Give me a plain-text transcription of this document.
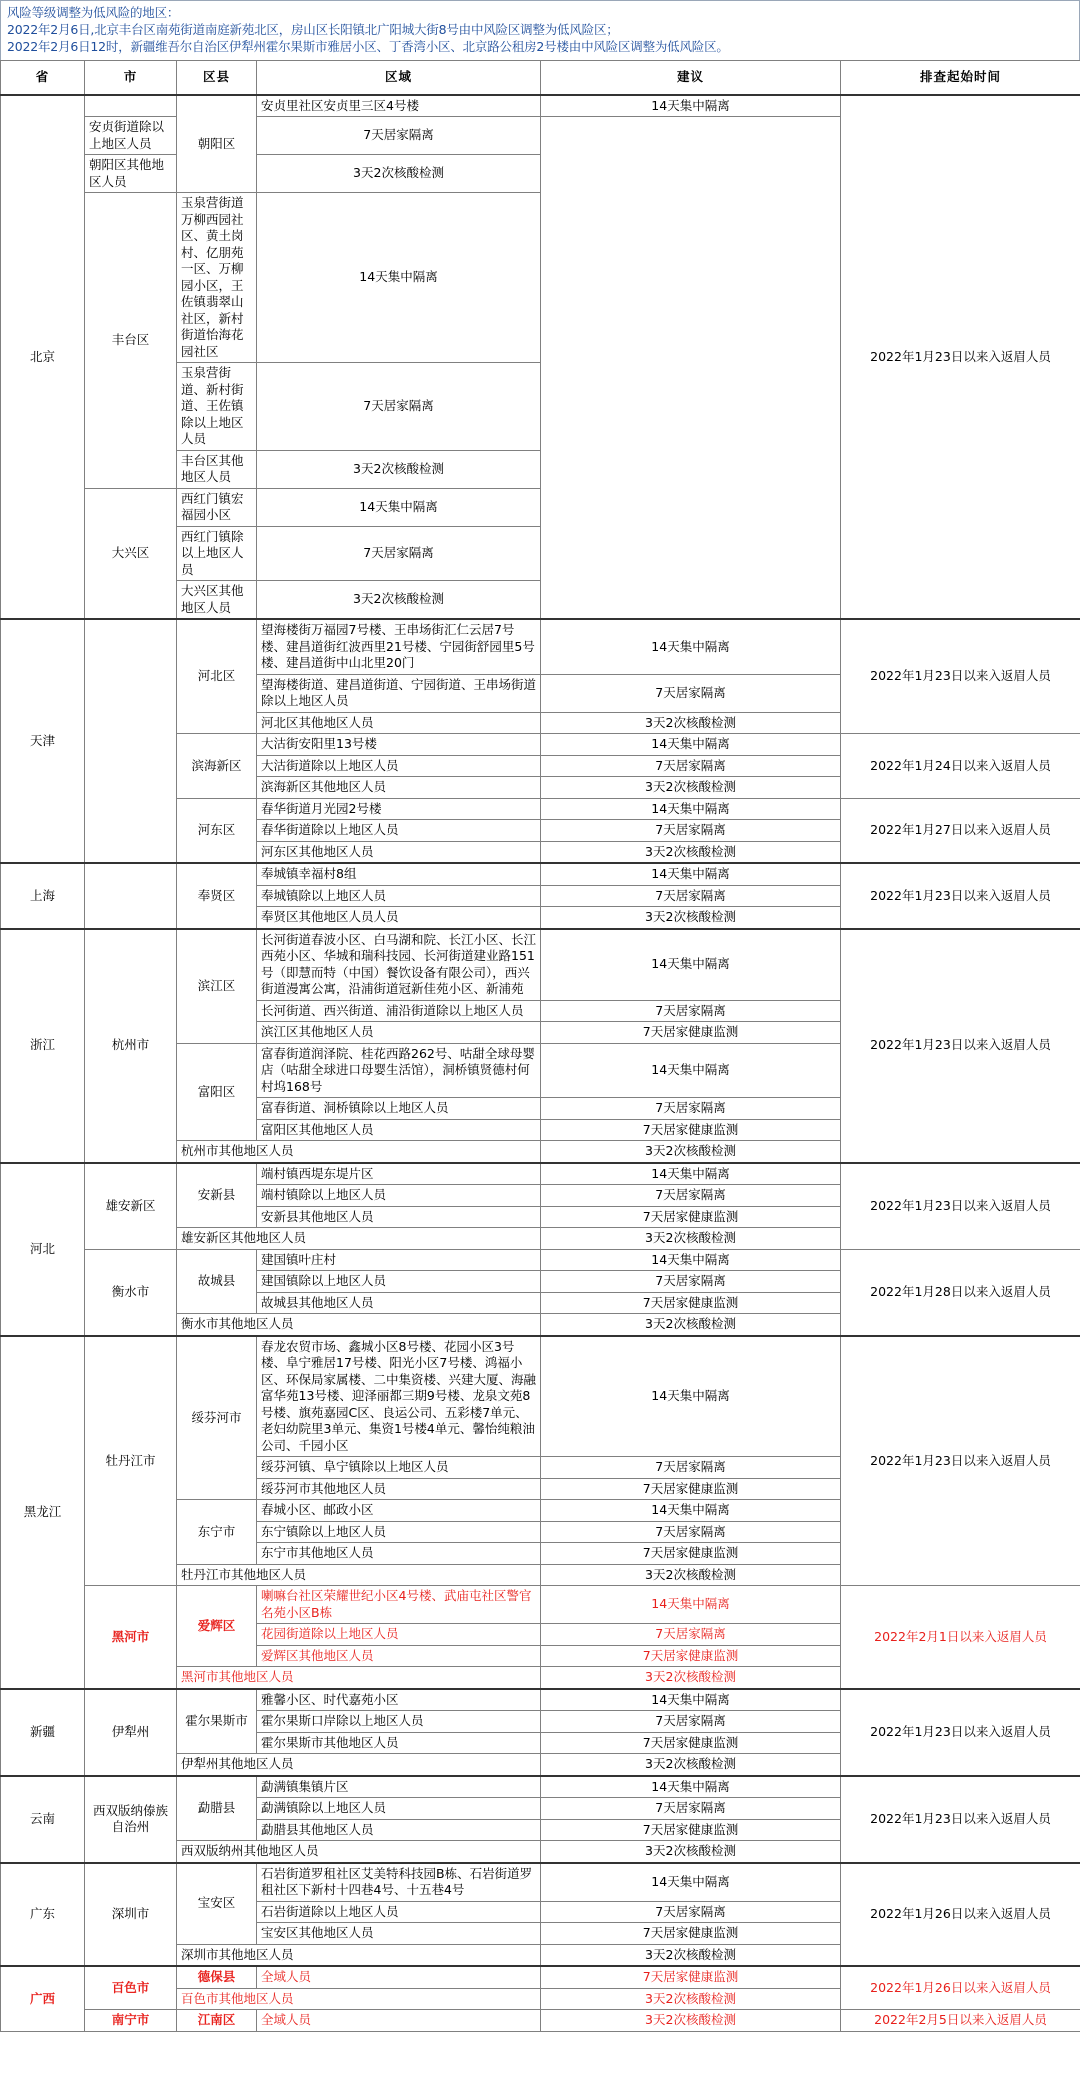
风险等级调整为低风险的地区：
2022年2月6日,北京丰台区南苑街道南庭新苑北区，房山区长阳镇北广阳城大街8号由中风险区调整为低风险区；
2022年2月6日12时，新疆维吾尔自治区伊犁州霍尔果斯市雅居小区、丁香湾小区、北京路公租房2号楼由中风险区调整为低风险区。
省	市	区县	区域	建议	排查起始时间
北京		朝阳区	安贞里社区安贞里三区4号楼	14天集中隔离	2022年1月23日以来入返眉人员
	安贞街道除以上地区人员		7天居家隔离		
	朝阳区其他地区人员		3天2次核酸检测		
	丰台区	玉泉营街道万柳西园社区、黄土岗村、亿朋苑一区、万柳园小区，王佐镇翡翠山社区，新村街道怡海花园社区	14天集中隔离		
		玉泉营街道、新村街道、王佐镇除以上地区人员	7天居家隔离		
		丰台区其他地区人员	3天2次核酸检测		
	大兴区	西红门镇宏福园小区	14天集中隔离		
		西红门镇除以上地区人员	7天居家隔离		
		大兴区其他地区人员	3天2次核酸检测		
天津		河北区	望海楼街万福园7号楼、王串场街汇仁云居7号楼、建昌道街红波西里21号楼、宁园街舒园里5号楼、建昌道街中山北里20门	14天集中隔离	2022年1月23日以来入返眉人员
			望海楼街道、建昌道街道、宁园街道、王串场街道除以上地区人员	7天居家隔离	
			河北区其他地区人员	3天2次核酸检测	
		滨海新区	大沽街安阳里13号楼	14天集中隔离	2022年1月24日以来入返眉人员
			大沽街道除以上地区人员	7天居家隔离	
			滨海新区其他地区人员	3天2次核酸检测	
		河东区	春华街道月光园2号楼	14天集中隔离	2022年1月27日以来入返眉人员
			春华街道除以上地区人员	7天居家隔离	
			河东区其他地区人员	3天2次核酸检测	
上海		奉贤区	奉城镇幸福村8组	14天集中隔离	2022年1月23日以来入返眉人员
			奉城镇除以上地区人员	7天居家隔离	
			奉贤区其他地区人员人员	3天2次核酸检测	
浙江	杭州市	滨江区	长河街道春波小区、白马湖和院、长江小区、长江西苑小区、华城和瑞科技园、长河街道建业路151号（即慧而特（中国）餐饮设备有限公司），西兴街道漫寓公寓，沿浦街道冠新佳苑小区、新浦苑	14天集中隔离	2022年1月23日以来入返眉人员
			长河街道、西兴街道、浦沿街道除以上地区人员	7天居家隔离	
			滨江区其他地区人员	7天居家健康监测	
		富阳区	富春街道润泽院、桂花西路262号、咕甜全球母婴店（咕甜全球进口母婴生活馆），洞桥镇贤德村何村坞168号	14天集中隔离	
			富春街道、洞桥镇除以上地区人员	7天居家隔离	
			富阳区其他地区人员	7天居家健康监测	
		杭州市其他地区人员		3天2次核酸检测	
河北	雄安新区	安新县	端村镇西堤东堤片区	14天集中隔离	2022年1月23日以来入返眉人员
			端村镇除以上地区人员	7天居家隔离	
			安新县其他地区人员	7天居家健康监测	
		雄安新区其他地区人员		3天2次核酸检测	
	衡水市	故城县	建国镇叶庄村	14天集中隔离	2022年1月28日以来入返眉人员
			建国镇除以上地区人员	7天居家隔离	
			故城县其他地区人员	7天居家健康监测	
		衡水市其他地区人员		3天2次核酸检测	
黑龙江	牡丹江市	绥芬河市	春龙农贸市场、鑫城小区8号楼、花园小区3号楼、阜宁雅居17号楼、阳光小区7号楼、鸿福小区、环保局家属楼、二中集资楼、兴建大厦、海融富华苑13号楼、迎泽丽都三期9号楼、龙泉文苑8号楼、旗苑嘉园C区、良运公司、五彩楼7单元、老妇幼院里3单元、集资1号楼4单元、馨怡纯粮油公司、千园小区	14天集中隔离	2022年1月23日以来入返眉人员
			绥芬河镇、阜宁镇除以上地区人员	7天居家隔离	
			绥芬河市其他地区人员	7天居家健康监测	
		东宁市	春城小区、邮政小区	14天集中隔离	
			东宁镇除以上地区人员	7天居家隔离	
			东宁市其他地区人员	7天居家健康监测	
		牡丹江市其他地区人员		3天2次核酸检测	
	黑河市	爱辉区	喇嘛台社区荣耀世纪小区4号楼、武庙屯社区警官名苑小区B栋	14天集中隔离	2022年2月1日以来入返眉人员
			花园街道除以上地区人员	7天居家隔离	
			爱辉区其他地区人员	7天居家健康监测	
		黑河市其他地区人员		3天2次核酸检测	
新疆	伊犁州	霍尔果斯市	雅馨小区、时代嘉苑小区	14天集中隔离	2022年1月23日以来入返眉人员
			霍尔果斯口岸除以上地区人员	7天居家隔离	
			霍尔果斯市其他地区人员	7天居家健康监测	
		伊犁州其他地区人员		3天2次核酸检测	
云南	西双版纳傣族自治州	勐腊县	勐满镇集镇片区	14天集中隔离	2022年1月23日以来入返眉人员
			勐满镇除以上地区人员	7天居家隔离	
			勐腊县其他地区人员	7天居家健康监测	
		西双版纳州其他地区人员		3天2次核酸检测	
广东	深圳市	宝安区	石岩街道罗租社区艾美特科技园B栋、石岩街道罗租社区下新村十四巷4号、十五巷4号	14天集中隔离	2022年1月26日以来入返眉人员
			石岩街道除以上地区人员	7天居家隔离	
			宝安区其他地区人员	7天居家健康监测	
		深圳市其他地区人员		3天2次核酸检测	
广西	百色市	德保县	全域人员	7天居家健康监测	2022年1月26日以来入返眉人员
		百色市其他地区人员		3天2次核酸检测	
	南宁市	江南区	全域人员	3天2次核酸检测	2022年2月5日以来入返眉人员
